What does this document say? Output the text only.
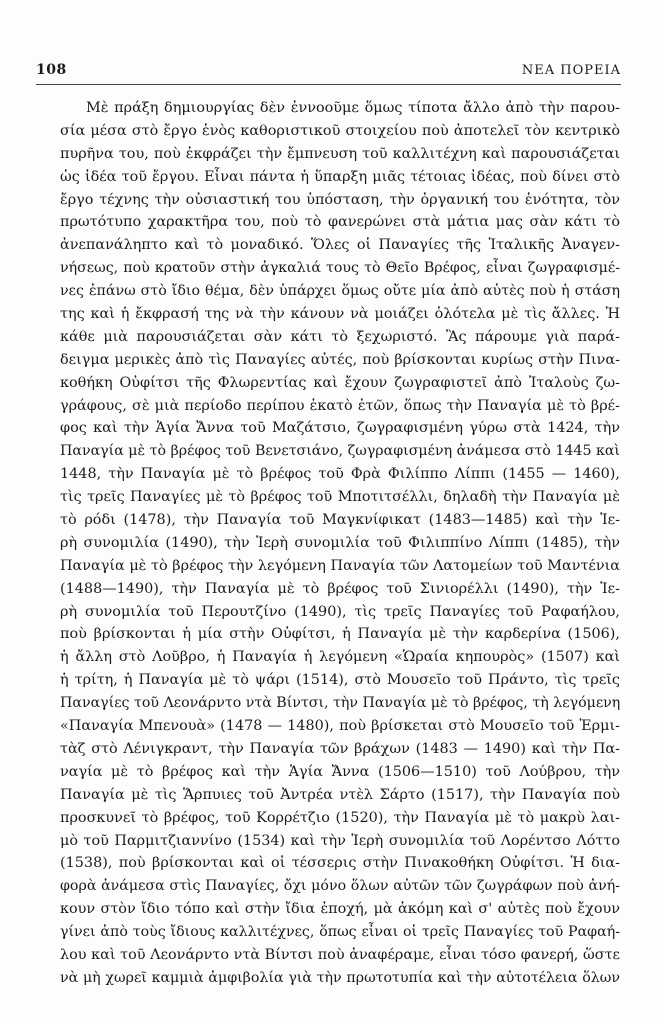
108	ΝΕΑ ΠΟΡΕΙΑ
Μὲ πράξη δημιουργίας δὲν ἐννοοῦμε ὅμως τίποτα ἄλλο ἀπὸ τὴν παρου-
σία μέσα στὸ ἔργο ἑνὸς καθοριστικοῦ στοιχείου ποὺ ἀποτελεῖ τὸν κεντρικὸ
πυρῆνα του, ποὺ ἐκφράζει τὴν ἔμπνευση τοῦ καλλιτέχνη καὶ παρουσιάζεται
ὡς ἰδέα τοῦ ἔργου. Εἶναι πάντα ἡ ὕπαρξη μιᾶς τέτοιας ἰδέας, ποὺ δίνει στὸ
ἔργο τέχνης τὴν οὐσιαστική του ὑπόσταση, τὴν ὀργανική του ἑνότητα, τὸν
πρωτότυπο χαρακτῆρα του, ποὺ τὸ φανερώνει στὰ μάτια μας σὰν κάτι τὸ
ἀνεπανάληπτο καὶ τὸ μοναδικό. Ὅλες οἱ Παναγίες τῆς Ἰταλικῆς Ἀναγεν-
νήσεως, ποὺ κρατοῦν στὴν ἀγκαλιά τους τὸ Θεῖο Βρέφος, εἶναι ζωγραφισμέ-
νες ἐπάνω στὸ ἴδιο θέμα, δὲν ὑπάρχει ὅμως οὔτε μία ἀπὸ αὐτὲς ποὺ ἡ στάση
της καὶ ἡ ἔκφρασή της νὰ τὴν κάνουν νὰ μοιάζει ὁλότελα μὲ τὶς ἄλλες. Ἡ
κάθε μιὰ παρουσιάζεται σὰν κάτι τὸ ξεχωριστό. Ἂς πάρουμε γιὰ παρά-
δειγμα μερικὲς ἀπὸ τὶς Παναγίες αὐτές, ποὺ βρίσκονται κυρίως στὴν Πινα-
κοθήκη Οὐφίτσι τῆς Φλωρεντίας καὶ ἔχουν ζωγραφιστεῖ ἀπὸ Ἰταλοὺς ζω-
γράφους, σὲ μιὰ περίοδο περίπου ἑκατὸ ἐτῶν, ὅπως τὴν Παναγία μὲ τὸ βρέ-
φος καὶ τὴν Ἁγία Ἄννα τοῦ Μαζάτσιο, ζωγραφισμένη γύρω στὰ 1424, τὴν
Παναγία μὲ τὸ βρέφος τοῦ Βενετσιάνο, ζωγραφισμένη ἀνάμεσα στὸ 1445 καὶ
1448, τὴν Παναγία μὲ τὸ βρέφος τοῦ Φρὰ Φιλίππο Λίππι (1455 — 1460),
τὶς τρεῖς Παναγίες μὲ τὸ βρέφος τοῦ Μποτιτσέλλι, δηλαδὴ τὴν Παναγία μὲ
τὸ ρόδι (1478), τὴν Παναγία τοῦ Μαγκνίφικατ (1483—1485) καὶ τὴν Ἱε-
ρὴ συνομιλία (1490), τὴν Ἱερὴ συνομιλία τοῦ Φιλιππίνο Λίππι (1485), τὴν
Παναγία μὲ τὸ βρέφος τὴν λεγόμενη Παναγία τῶν Λατομείων τοῦ Μαντένια
(1488—1490), τὴν Παναγία μὲ τὸ βρέφος τοῦ Σινιορέλλι (1490), τὴν Ἱε-
ρὴ συνομιλία τοῦ Περουτζίνο (1490), τὶς τρεῖς Παναγίες τοῦ Ραφαήλου,
ποὺ βρίσκονται ἡ μία στὴν Οὐφίτσι, ἡ Παναγία μὲ τὴν καρδερίνα (1506),
ἡ ἄλλη στὸ Λοῦβρο, ἡ Παναγία ἡ λεγόμενη «Ὡραία κηπουρὸς» (1507) καὶ
ἡ τρίτη, ἡ Παναγία μὲ τὸ ψάρι (1514), στὸ Μουσεῖο τοῦ Πράντο, τὶς τρεῖς
Παναγίες τοῦ Λεονάρντο ντὰ Βίντσι, τὴν Παναγία μὲ τὸ βρέφος, τὴ λεγόμενη
«Παναγία Μπενουὰ» (1478 — 1480), ποὺ βρίσκεται στὸ Μουσεῖο τοῦ Ἐρμι-
τὰζ στὸ Λένιγκραντ, τὴν Παναγία τῶν βράχων (1483 — 1490) καὶ τὴν Πα-
ναγία μὲ τὸ βρέφος καὶ τὴν Ἁγία Ἄννα (1506—1510) τοῦ Λούβρου, τὴν
Παναγία μὲ τὶς Ἅρπυιες τοῦ Ἀντρέα ντὲλ Σάρτο (1517), τὴν Παναγία ποὺ
προσκυνεῖ τὸ βρέφος, τοῦ Κορρέτζιο (1520), τὴν Παναγία μὲ τὸ μακρὺ λαι-
μὸ τοῦ Παρμιτζιαννίνο (1534) καὶ τὴν Ἱερὴ συνομιλία τοῦ Λορέντσο Λόττο
(1538), ποὺ βρίσκονται καὶ οἱ τέσσερις στὴν Πινακοθήκη Οὐφίτσι. Ἡ δια-
φορὰ ἀνάμεσα στὶς Παναγίες, ὄχι μόνο ὅλων αὐτῶν τῶν ζωγράφων ποὺ ἀνή-
κουν στὸν ἴδιο τόπο καὶ στὴν ἴδια ἐποχή, μὰ ἀκόμη καὶ σ' αὐτὲς ποὺ ἔχουν
γίνει ἀπὸ τοὺς ἴδιους καλλιτέχνες, ὅπως εἶναι οἱ τρεῖς Παναγίες τοῦ Ραφαή-
λου καὶ τοῦ Λεονάρντο ντὰ Βίντσι ποὺ ἀναφέραμε, εἶναι τόσο φανερή, ὥστε
νὰ μὴ χωρεῖ καμμιὰ ἀμφιβολία γιὰ τὴν πρωτοτυπία καὶ τὴν αὐτοτέλεια ὅλων
